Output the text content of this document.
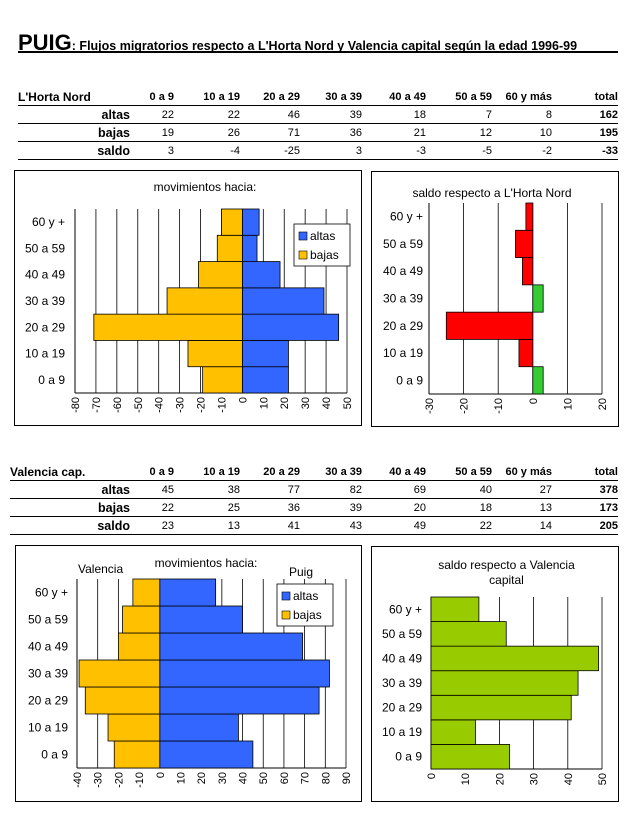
PUIG: Flujos migratorios respecto a L'Horta Nord y Valencia capital según la edad 1996-99
L'Horta Nord	0 a 9	10 a 19	20 a 29	30 a 39	40 a 49	50 a 59	60 y más	total
altas	22	22	46	39	18	7	8	162
bajas	19	26	71	36	21	12	10	195
saldo	3	-4	-25	3	-3	-5	-2	-33
Valencia cap.	0 a 9	10 a 19	20 a 29	30 a 39	40 a 49	50 a 59	60 y más	total
altas	45	38	77	82	69	40	27	378
bajas	22	25	36	39	20	18	13	173
saldo	23	13	41	43	49	22	14	205
movimientos hacia:
0 a 9
10 a 19
20 a 29
30 a 39
40 a 49
50 a 59
60 y +
-80 -70 -60 -50 -40 -30 -20 -10 0 10 20 30 40 50
altas
bajas
saldo respecto a L'Horta Nord
0 a 9
10 a 19
20 a 29
30 a 39
40 a 49
50 a 59
60 y +
-30 -20 -10 0 10 20
movimientos hacia:
Valencia	Puig
0 a 9
10 a 19
20 a 29
30 a 39
40 a 49
50 a 59
60 y +
-40 -30 -20 -10 0 10 20 30 40 50 60 70 80 90
altas
bajas
saldo respecto a Valencia
capital
0 a 9
10 a 19
20 a 29
30 a 39
40 a 49
50 a 59
60 y +
0 10 20 30 40 50
